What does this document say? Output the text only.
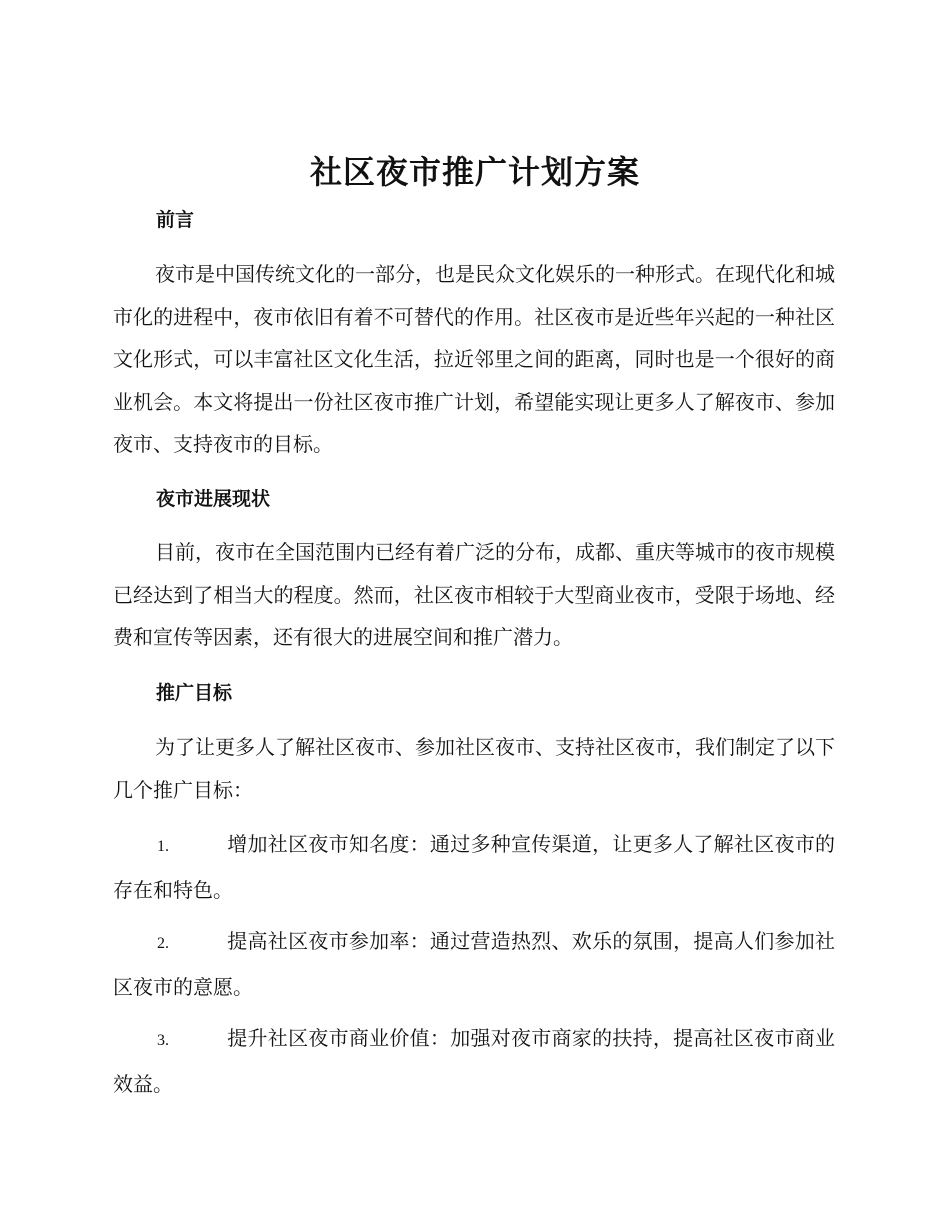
社区夜市推广计划方案
前言

夜市是中国传统文化的一部分，也是民众文化娱乐的一种形式。在现代化和城市化的进程中，夜市依旧有着不可替代的作用。社区夜市是近些年兴起的一种社区文化形式，可以丰富社区文化生活，拉近邻里之间的距离，同时也是一个很好的商业机会。本文将提出一份社区夜市推广计划，希望能实现让更多人了解夜市、参加夜市、支持夜市的目标。

夜市进展现状

目前，夜市在全国范围内已经有着广泛的分布，成都、重庆等城市的夜市规模已经达到了相当大的程度。然而，社区夜市相较于大型商业夜市，受限于场地、经费和宣传等因素，还有很大的进展空间和推广潜力。

推广目标

为了让更多人了解社区夜市、参加社区夜市、支持社区夜市，我们制定了以下几个推广目标：

1.	增加社区夜市知名度：通过多种宣传渠道，让更多人了解社区夜市的存在和特色。

2.	提高社区夜市参加率：通过营造热烈、欢乐的氛围，提高人们参加社区夜市的意愿。

3.	提升社区夜市商业价值：加强对夜市商家的扶持，提高社区夜市商业效益。
